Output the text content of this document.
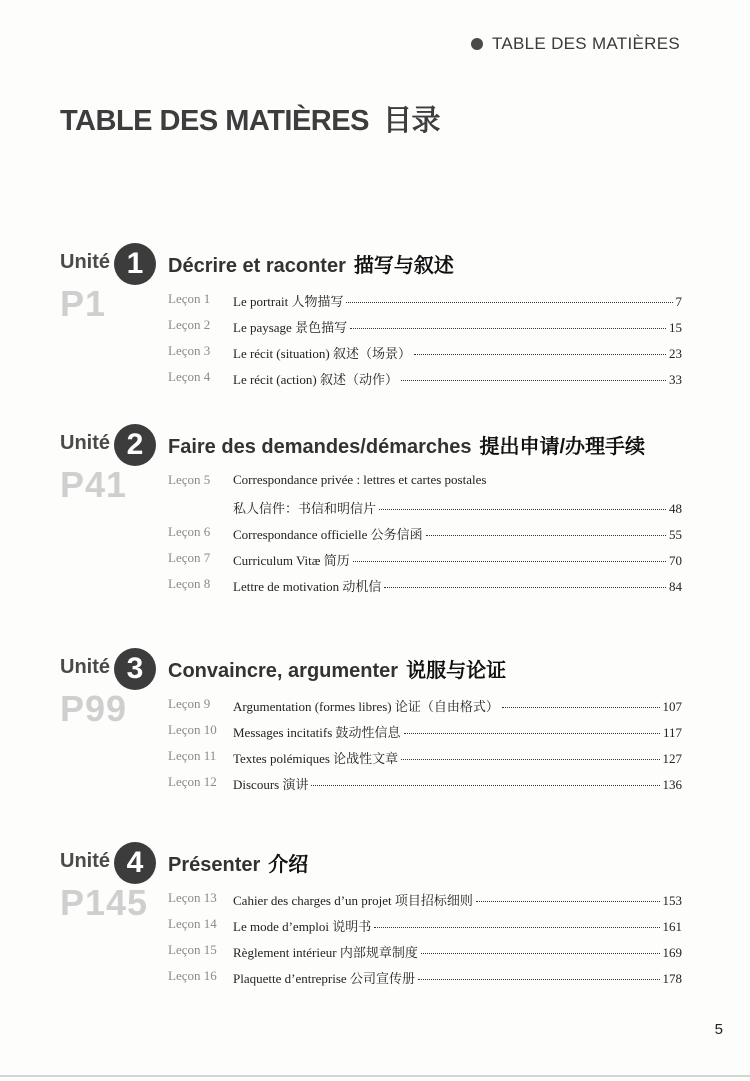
TABLE DES MATIÈRES
TABLE DES MATIÈRES 目录
Unité 1
P1
Décrire et raconter 描写与叙述
Leçon 1	Le portrait 人物描写	7
Leçon 2	Le paysage 景色描写	15
Leçon 3	Le récit (situation) 叙述（场景）	23
Leçon 4	Le récit (action) 叙述（动作）	33
Unité 2
P41
Faire des demandes/démarches 提出申请/办理手续
Leçon 5	Correspondance privée : lettres et cartes postales
私人信件：书信和明信片	48
Leçon 6	Correspondance officielle 公务信函	55
Leçon 7	Curriculum Vitæ 简历	70
Leçon 8	Lettre de motivation 动机信	84
Unité 3
P99
Convaincre, argumenter 说服与论证
Leçon 9	Argumentation (formes libres) 论证（自由格式）	107
Leçon 10	Messages incitatifs 鼓动性信息	117
Leçon 11	Textes polémiques 论战性文章	127
Leçon 12	Discours 演讲	136
Unité 4
P145
Présenter 介绍
Leçon 13	Cahier des charges d’un projet 项目招标细则	153
Leçon 14	Le mode d’emploi 说明书	161
Leçon 15	Règlement intérieur 内部规章制度	169
Leçon 16	Plaquette d’entreprise 公司宣传册	178
5
